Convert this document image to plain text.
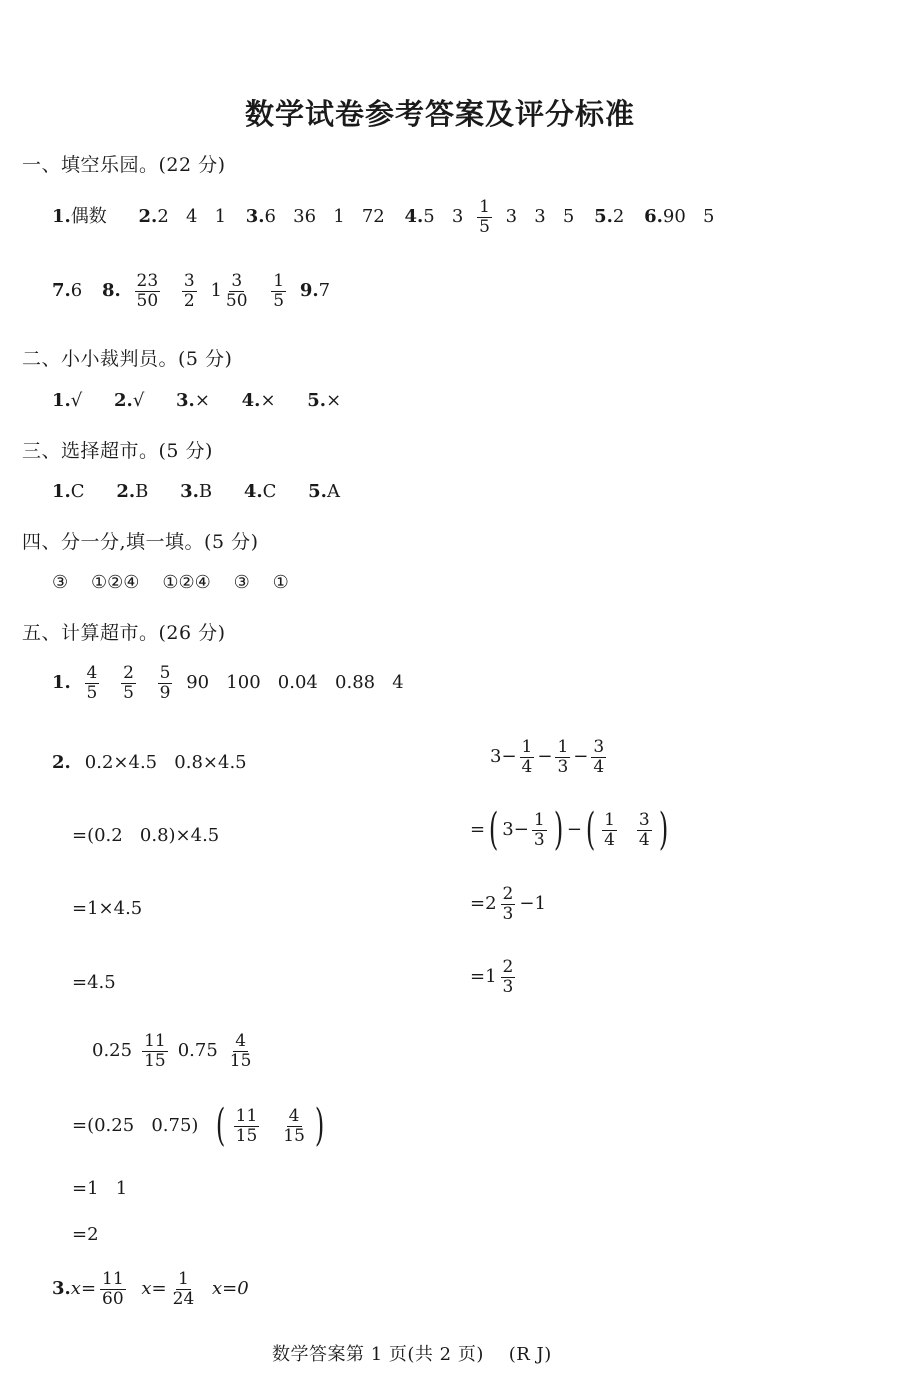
数学试卷参考答案及评分标准
一、填空乐园。(22 分)
1.偶数 2.2   4   1 3.6   36   1   72 4.5   $3 \frac{1}{5} 3$   3   5 5.2 6.90   5
7.6 8. $\frac{23}{50}$
$\frac{3}{2} 1 \frac{3}{50}$
$\frac{1}{5} 9.7$
二、小小裁判员。(5 分)
1.√ 2.√ 3.× 4.× 5.×
三、选择超市。(5 分)
1.C 2.B 3.B 4.C 5.A
四、分一分,填一填。(5 分)
③    ①②④    ①②④    ③    ①
五、计算超市。(26 分)
1. $\frac{4}{5}$
$\frac{2}{5}$
$\frac{5}{9} 90$   100   0.04   0.88   4
2. 0.2×4.5   0.8×4.5
=(0.2   0.8)×4.5
=1×4.5
=4.5
$3- \frac{1}{4} - \frac{1}{3} - \frac{3}{4}$
=( $3- \frac{1}{3}$ ) −( $\frac{1}{4} \frac{3}{4}$ )
$=2 \frac{2}{3} -1$
$=1 \frac{2}{3}$
$0.25 \frac{11}{15} 0.75 \frac{4}{15}$
=(0.25   0.75) ( $\frac{11}{15} \frac{4}{15}$ )
=1   1
=2
$3.x= \frac{11}{60} x= \frac{1}{24} x=0$
数学答案第 1 页(共 2 页)    (R J)
